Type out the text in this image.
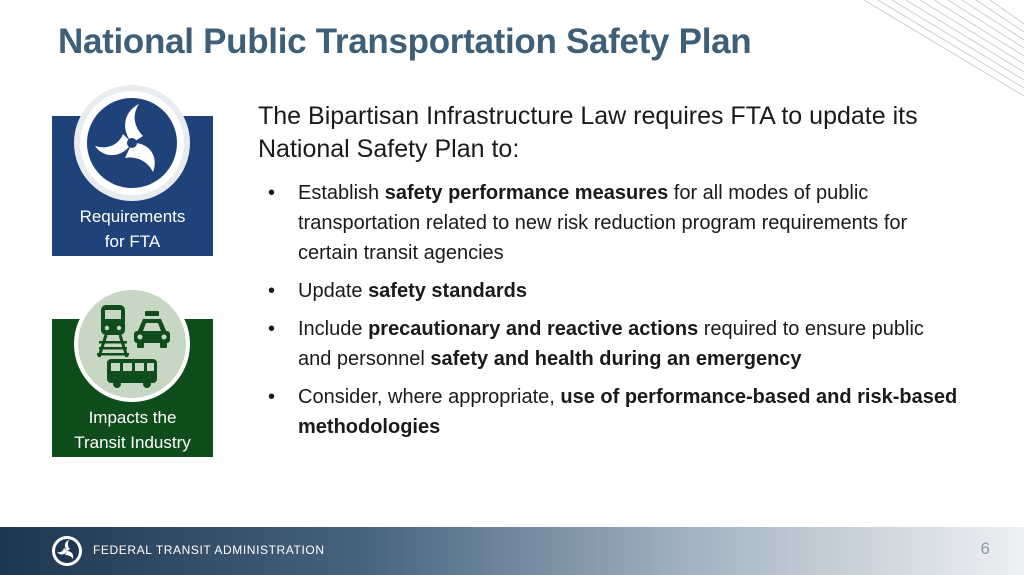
National Public Transportation Safety Plan
Requirements
for FTA
Impacts the
Transit Industry

The Bipartisan Infrastructure Law requires FTA to update its National Safety Plan to:

• Establish safety performance measures for all modes of public transportation related to new risk reduction program requirements for certain transit agencies
• Update safety standards
• Include precautionary and reactive actions required to ensure public and personnel safety and health during an emergency
• Consider, where appropriate, use of performance-based and risk-based methodologies
FEDERAL TRANSIT ADMINISTRATION	6
